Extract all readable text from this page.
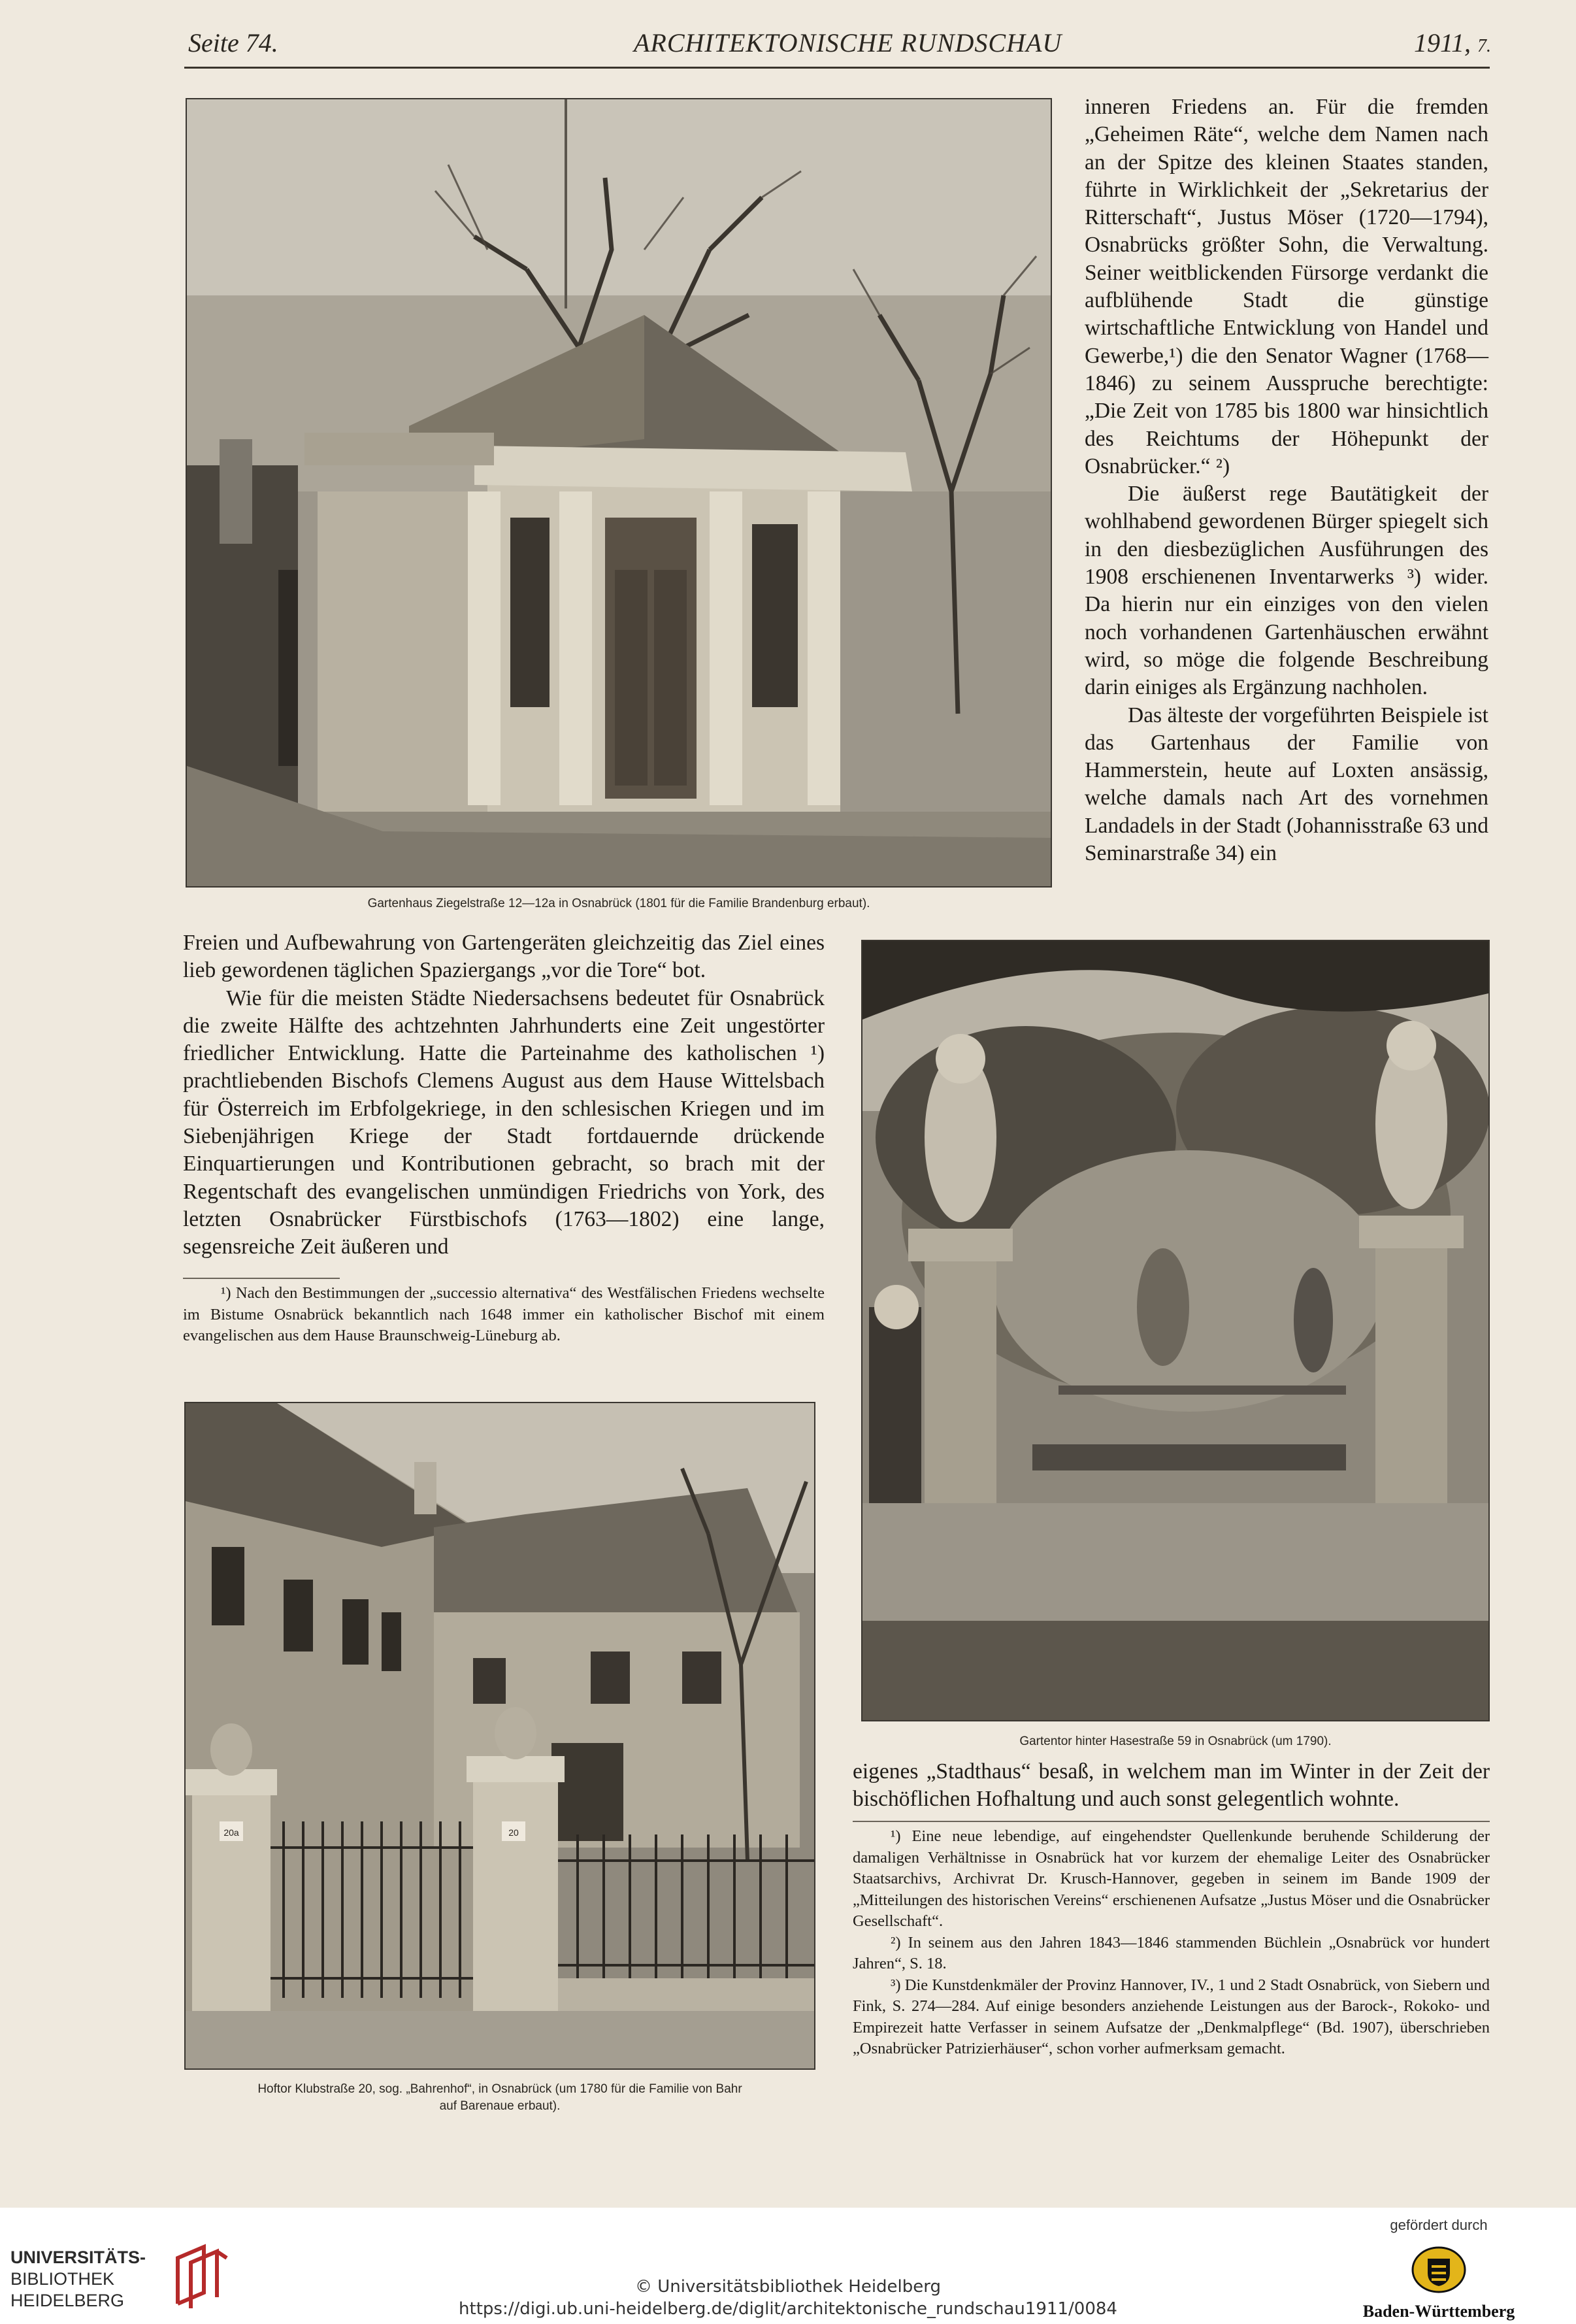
Seite 74.	ARCHITEKTONISCHE RUNDSCHAU	1911, 7.
Gartenhaus Ziegelstraße 12—12a in Osnabrück (1801 für die Familie Brandenburg erbaut).

inneren Friedens an. Für die fremden „Geheimen Räte“, welche dem Namen nach an der Spitze des kleinen Staates standen, führte in Wirklichkeit der „Sekretarius der Ritterschaft“, Justus Möser (1720—1794), Osnabrücks größter Sohn, die Verwaltung. Seiner weitblickenden Fürsorge verdankt die aufblühende Stadt die günstige wirtschaftliche Entwicklung von Handel und Gewerbe,¹) die den Senator Wagner (1768—1846) zu seinem Ausspruche berechtigte: „Die Zeit von 1785 bis 1800 war hinsichtlich des Reichtums der Höhepunkt der Osnabrücker.“ ²)

Die äußerst rege Bautätigkeit der wohlhabend gewordenen Bürger spiegelt sich in den diesbezüglichen Ausführungen des 1908 erschienenen Inventarwerks ³) wider. Da hierin nur ein einziges von den vielen noch vorhandenen Gartenhäuschen erwähnt wird, so möge die folgende Beschreibung darin einiges als Ergänzung nachholen.

Das älteste der vorgeführten Beispiele ist das Gartenhaus der Familie von Hammerstein, heute auf Loxten ansässig, welche damals nach Art des vornehmen Landadels in der Stadt (Johannisstraße 63 und Seminarstraße 34) ein

Freien und Aufbewahrung von Gartengeräten gleichzeitig das Ziel eines lieb gewordenen täglichen Spaziergangs „vor die Tore“ bot.

Wie für die meisten Städte Niedersachsens bedeutet für Osnabrück die zweite Hälfte des achtzehnten Jahrhunderts eine Zeit ungestörter friedlicher Entwicklung. Hatte die Parteinahme des katholischen ¹) prachtliebenden Bischofs Clemens August aus dem Hause Wittelsbach für Österreich im Erbfolgekriege, in den schlesischen Kriegen und im Siebenjährigen Kriege der Stadt fortdauernde drückende Einquartierungen und Kontributionen gebracht, so brach mit der Regentschaft des evangelischen unmündigen Friedrichs von York, des letzten Osnabrücker Fürstbischofs (1763—1802) eine lange, segensreiche Zeit äußeren und

¹) Nach den Bestimmungen der „successio alternativa“ des Westfälischen Friedens wechselte im Bistume Osnabrück bekanntlich nach 1648 immer ein katholischer Bischof mit einem evangelischen aus dem Hause Braunschweig-Lüneburg ab.

Gartentor hinter Hasestraße 59 in Osnabrück (um 1790).

eigenes „Stadthaus“ besaß, in welchem man im Winter in der Zeit der bischöflichen Hofhaltung und auch sonst gelegentlich wohnte.

¹) Eine neue lebendige, auf eingehendster Quellenkunde beruhende Schilderung der damaligen Verhältnisse in Osnabrück hat vor kurzem der ehemalige Leiter des Osnabrücker Staatsarchivs, Archivrat Dr. Krusch-Hannover, gegeben in seinem im Bande 1909 der „Mitteilungen des historischen Vereins“ erschienenen Aufsatze „Justus Möser und die Osnabrücker Gesellschaft“.

²) In seinem aus den Jahren 1843—1846 stammenden Büchlein „Osnabrück vor hundert Jahren“, S. 18.

³) Die Kunstdenkmäler der Provinz Hannover, IV., 1 und 2 Stadt Osnabrück, von Siebern und Fink, S. 274—284. Auf einige besonders anziehende Leistungen aus der Barock-, Rokoko- und Empirezeit hatte Verfasser in seinem Aufsatze der „Denkmalpflege“ (Bd. 1907), überschrieben „Osnabrücker Patrizierhäuser“, schon vorher aufmerksam gemacht.

20a	20
Hoftor Klubstraße 20, sog. „Bahrenhof“, in Osnabrück (um 1780 für die Familie von Bahr
auf Barenaue erbaut).
UNIVERSITÄTS-
BIBLIOTHEK
HEIDELBERG
© Universitätsbibliothek Heidelberg
https://digi.ub.uni-heidelberg.de/diglit/architektonische_rundschau1911/0084
gefördert durch
Baden-Württemberg
